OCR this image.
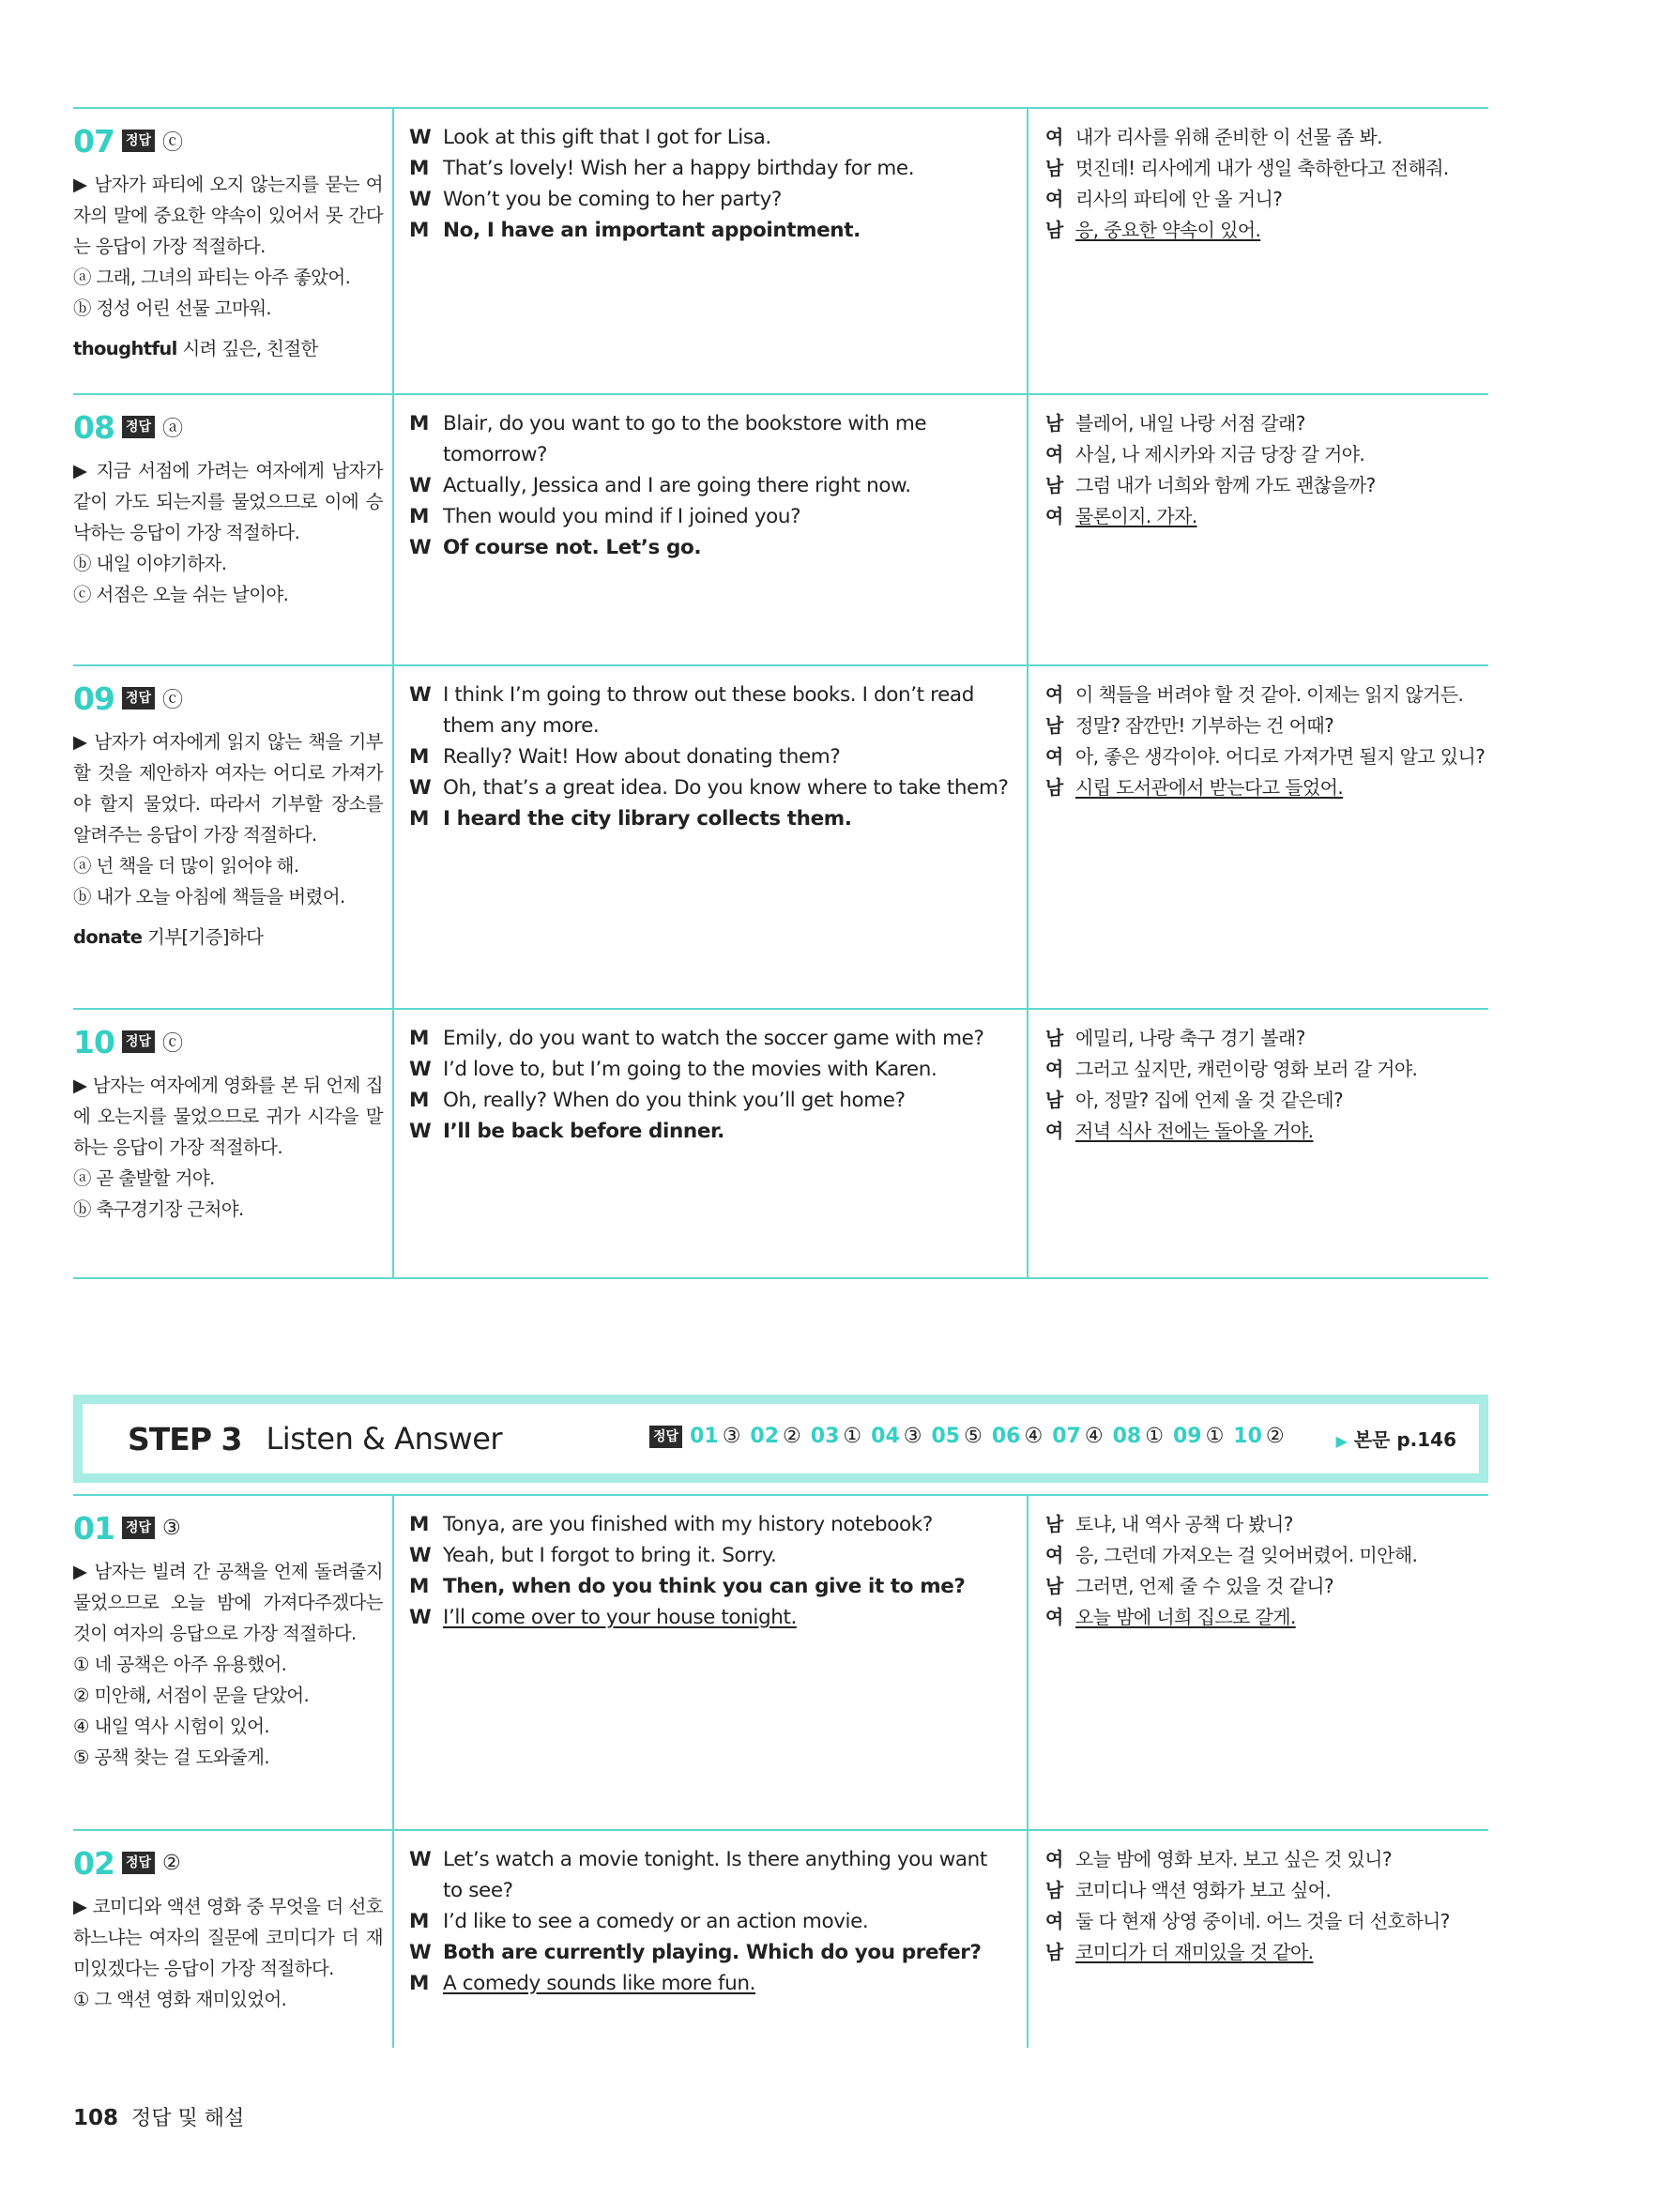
07 정답 ⓒ
▶ 남자가 파티에 오지 않는지를 묻는 여자의 말에 중요한 약속이 있어서 못 간다는 응답이 가장 적절하다.
ⓐ 그래, 그녀의 파티는 아주 좋았어.
ⓑ 정성 어린 선물 고마워.
thoughtful 시려 깊은, 친절한
W Look at this gift that I got for Lisa.
M That’s lovely! Wish her a happy birthday for me.
W Won’t you be coming to her party?
M No, I have an important appointment.
여 내가 리사를 위해 준비한 이 선물 좀 봐.
남 멋진데! 리사에게 내가 생일 축하한다고 전해줘.
여 리사의 파티에 안 올 거니?
남 응, 중요한 약속이 있어.
08 정답 ⓐ
▶ 지금 서점에 가려는 여자에게 남자가 같이 가도 되는지를 물었으므로 이에 승낙하는 응답이 가장 적절하다.
ⓑ 내일 이야기하자.
ⓒ 서점은 오늘 쉬는 날이야.
M Blair, do you want to go to the bookstore with me tomorrow?
W Actually, Jessica and I are going there right now.
M Then would you mind if I joined you?
W Of course not. Let’s go.
남 블레어, 내일 나랑 서점 갈래?
여 사실, 나 제시카와 지금 당장 갈 거야.
남 그럼 내가 너희와 함께 가도 괜찮을까?
여 물론이지. 가자.
09 정답 ⓒ
▶ 남자가 여자에게 읽지 않는 책을 기부할 것을 제안하자 여자는 어디로 가져가야 할지 물었다. 따라서 기부할 장소를 알려주는 응답이 가장 적절하다.
ⓐ 넌 책을 더 많이 읽어야 해.
ⓑ 내가 오늘 아침에 책들을 버렸어.
donate 기부[기증]하다
W I think I’m going to throw out these books. I don’t read them any more.
M Really? Wait! How about donating them?
W Oh, that’s a great idea. Do you know where to take them?
M I heard the city library collects them.
여 이 책들을 버려야 할 것 같아. 이제는 읽지 않거든.
남 정말? 잠깐만! 기부하는 건 어때?
여 아, 좋은 생각이야. 어디로 가져가면 될지 알고 있니?
남 시립 도서관에서 받는다고 들었어.
10 정답 ⓒ
▶ 남자는 여자에게 영화를 본 뒤 언제 집에 오는지를 물었으므로 귀가 시각을 말하는 응답이 가장 적절하다.
ⓐ 곧 출발할 거야.
ⓑ 축구경기장 근처야.
M Emily, do you want to watch the soccer game with me?
W I’d love to, but I’m going to the movies with Karen.
M Oh, really? When do you think you’ll get home?
W I’ll be back before dinner.
남 에밀리, 나랑 축구 경기 볼래?
여 그러고 싶지만, 캐런이랑 영화 보러 갈 거야.
남 아, 정말? 집에 언제 올 것 같은데?
여 저녁 식사 전에는 돌아올 거야.
STEP 3 Listen & Answer	정답 01 ③ 02 ② 03 ① 04 ③ 05 ⑤ 06 ④ 07 ④ 08 ① 09 ① 10 ②	▶ 본문 p.146
01 정답 ③
▶ 남자는 빌려 간 공책을 언제 돌려줄지 물었으므로 오늘 밤에 가져다주겠다는 것이 여자의 응답으로 가장 적절하다.
① 네 공책은 아주 유용했어.
② 미안해, 서점이 문을 닫았어.
④ 내일 역사 시험이 있어.
⑤ 공책 찾는 걸 도와줄게.
M Tonya, are you finished with my history notebook?
W Yeah, but I forgot to bring it. Sorry.
M Then, when do you think you can give it to me?
W I’ll come over to your house tonight.
남 토냐, 내 역사 공책 다 봤니?
여 응, 그런데 가져오는 걸 잊어버렸어. 미안해.
남 그러면, 언제 줄 수 있을 것 같니?
여 오늘 밤에 너희 집으로 갈게.
02 정답 ②
▶ 코미디와 액션 영화 중 무엇을 더 선호하느냐는 여자의 질문에 코미디가 더 재미있겠다는 응답이 가장 적절하다.
① 그 액션 영화 재미있었어.
W Let’s watch a movie tonight. Is there anything you want to see?
M I’d like to see a comedy or an action movie.
W Both are currently playing. Which do you prefer?
M A comedy sounds like more fun.
여 오늘 밤에 영화 보자. 보고 싶은 것 있니?
남 코미디나 액션 영화가 보고 싶어.
여 둘 다 현재 상영 중이네. 어느 것을 더 선호하니?
남 코미디가 더 재미있을 것 같아.
108 정답 및 해설
